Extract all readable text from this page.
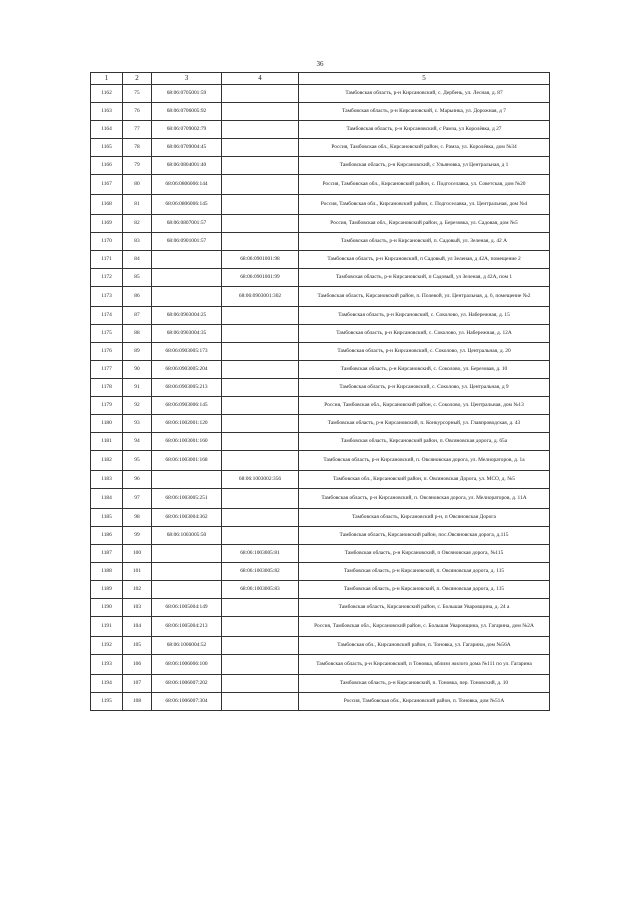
36
1	2	3	4	5
1162	75	68:06:0705001:59		Тамбовская область, р-н Кирсановский, с. Дербень, ул. Лесная, д. 87
1163	76	68:06:0706005:92		Тамбовская область, р-н Кирсановский, с. Марьинка, ул. Дорожная, д 7
1164	77	68:06:0709002:79		Тамбовская область, р-н Кирсановский, с Рамза, ул Королёвка, д 27
1165	78	68:06:0709004:45		Россия, Тамбовская обл., Кирсановский район, с. Рамза, ул. Королёвка, дом №34
1166	79	68:06:0804001:40		Тамбовская область, р-н Кирсановский, с Ульяновка, ул Центральная, д 1
1167	80	68:06:0806006:144		Россия, Тамбовская обл., Кирсановский район, с. Подгоселавка, ул. Советская, дом №20
1168	81	68:06:0806006:145		Россия, Тамбовская обл., Кирсановский район, с. Подгоселавка, ул. Центральная, дом №4
1169	82	68:06:0807001:57		Россия, Тамбовская обл., Кирсановский район, д. Березовка, ул. Садовая, дом №5
1170	83	68:06:0901001:57		Тамбовская область, р-н Кирсановский, п. Садовый, ул. Зеленая, д. 42 А
1171	84		68:06:0901001:98	Тамбовская область, р-н Кирсановский, п Садовый, ул Зеленая, д 42А, помещение 2
1172	85		68:06:0901001:99	Тамбовская область, р-н Кирсановский, п Садовый, ул Зеленая, д 42А, пом 1
1173	86		68:06:0903001:302	Тамбовская область, Кирсановский район, п. Полевой, ул. Центральная, д. 6, помещение №2
1174	87	68:06:0903004:25		Тамбовская область, р-н Кирсановский, с. Соколово, ул. Набережная, д. 15
1175	88	68:06:0903004:35		Тамбовская область, р-н Кирсановский, с. Соколово, ул. Набережная, д. 12А
1176	89	68:06:0903005:173		Тамбовская область, р-н Кирсановский, с. Соколово, ул. Центральная, д. 20
1177	90	68:06:0903005:204		Тамбовская область, р-н Кирсановский, с. Соколово, ул. Березовая, д. 10
1178	91	68:06:0903005:213		Тамбовская область, р-н Кирсановский, с. Соколово, ул. Центральная, д 9
1179	92	68:06:0903006:145		Россия, Тамбовская обл., Кирсановский район, с. Соколово, ул. Центральная, дом №13
1180	93	68:06:1002001:120		Тамбовская область, р-н Кирсановский, п. Конкурсорный, ул. Главпроводская, д. 43
1181	94	68:06:1003001:160		Тамбовская область, Кирсановский район, п. Овсяновская дорога, д. 65а
1182	95	68:06:1003001:168		Тамбовская область, р-н Кирсановский, п. Овсяновская дорога, ул. Мелиораторов, д. 1а
1183	96		68:06:1003002:356	Тамбовская обл., Кирсановский район, п. Овсяновская Дорога, ул. МСО, д. №5
1184	97	68:06:1003005:251		Тамбовская область, р-н Кирсановский, п. Овсяновская дорога, ул. Мелиораторов, д. 11А
1185	98	68:06:1003004:362		Тамбовская область, Кирсановский р-н, п Овсяновская Дорога
1186	99	68:06:1003005:50		Тамбовская область, Кирсановский район, пос.Овсяновская дорога, д.115
1187	100		68:06:1003005:81	Тамбовская область, р-н Кирсановский, п Овсяновская дорога, №115
1188	101		68:06:1003005:82	Тамбовская область, р-н Кирсановский, п. Овсяновская дорога, д. 115
1189	102		68:06:1003005:83	Тамбовская область, р-н Кирсановский, п. Овсяновская дорога, д. 115
1190	103	68:06:1005004:149		Тамбовская область, Кирсановский район, с. Большая Уваровщина, д. 24 а
1191	104	68:06:1005004:213		Россия, Тамбовская обл., Кирсановский район, с. Большая Уваровщина, ул. Гагарина, дом №2А
1192	105	68:06:1006004:52		Тамбовская обл., Кирсановский район, п. Тоновка, ул. Гагарина, дом №56А
1193	106	68:06:1006006:100		Тамбовская область, р-н Кирсановский, п Тоновка, вблизи жилого дома №111 по ул. Гагарина
1194	107	68:06:1006007:202		Тамбовская область, р-н Кирсановский, п. Тоновка, пер. Тоновский, д. 10
1195	108	68:06:1006007:304		Россия, Тамбовская обл., Кирсановский район, п. Тоновка, дом №51А
